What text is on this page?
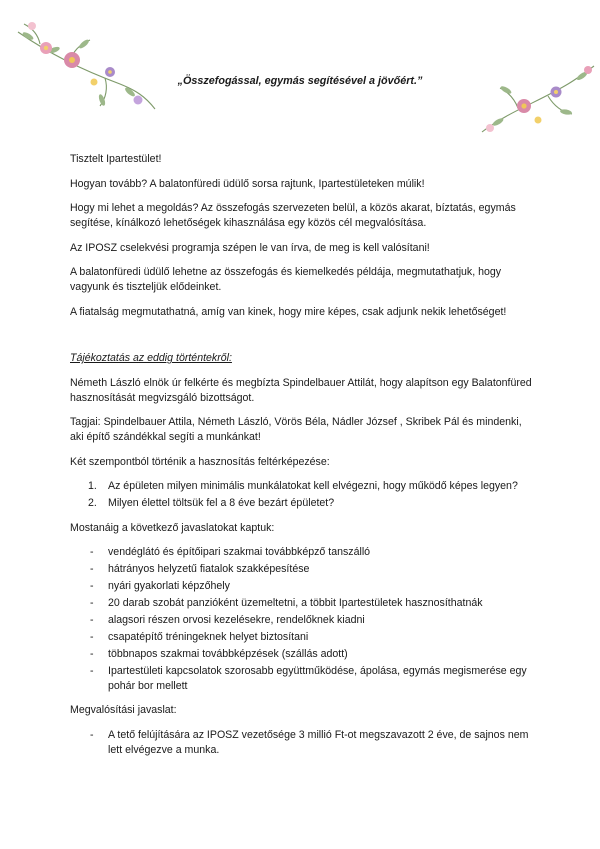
„Összefogással, egymás segítésével a jövőért.”

Tisztelt Ipartestület!

Hogyan tovább? A balatonfüredi üdülő sorsa rajtunk, Ipartestületeken múlik!

Hogy mi lehet a megoldás? Az összefogás szervezeten belül, a közös akarat, bíztatás, egymás segítése, kínálkozó lehetőségek kihasználása egy közös cél megvalósítása.

Az IPOSZ cselekvési programja szépen le van írva, de meg is kell valósítani!

A balatonfüredi üdülő lehetne az összefogás és kiemelkedés példája, megmutathatjuk, hogy vagyunk és tiszteljük elődeinket.

A fiatalság megmutathatná, amíg van kinek, hogy mire képes, csak adjunk nekik lehetőséget!

Tájékoztatás az eddig történtekről:

Németh László elnök úr felkérte és megbízta Spindelbauer Attilát, hogy alapítson egy Balatonfüred hasznosítását megvizsgáló bizottságot.

Tagjai: Spindelbauer Attila, Németh László, Vörös Béla, Nádler József , Skribek Pál és mindenki, aki építő szándékkal segíti a munkánkat!

Két szempontból történik a hasznosítás feltérképezése:

1. Az épületen milyen minimális munkálatokat kell elvégezni, hogy működő képes legyen?
2. Milyen élettel töltsük fel a 8 éve bezárt épületet?

Mostanáig a következő javaslatokat kaptuk:

- vendéglátó és építőipari szakmai továbbképző tanszálló
- hátrányos helyzetű fiatalok szakképesítése
- nyári gyakorlati képzőhely
- 20 darab szobát panzióként üzemeltetni, a többit Ipartestületek hasznosíthatnák
- alagsori részen orvosi kezelésekre, rendelőknek kiadni
- csapatépítő tréningeknek helyet biztosítani
- többnapos szakmai továbbképzések (szállás adott)
- Ipartestületi kapcsolatok szorosabb együttműködése, ápolása, egymás megismerése egy pohár bor mellett

Megvalósítási javaslat:

- A tető felújítására az IPOSZ vezetősége 3 millió Ft-ot megszavazott 2 éve, de sajnos nem lett elvégezve a munka.
